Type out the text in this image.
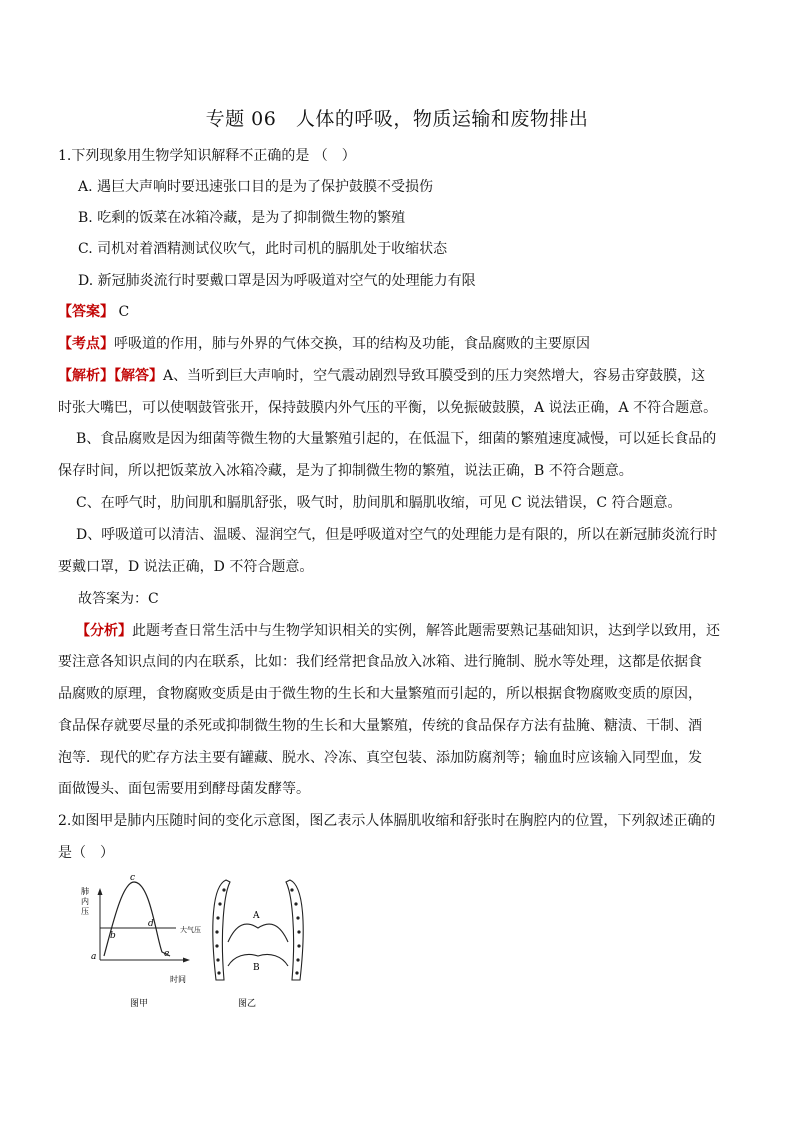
专题 06　人体的呼吸，物质运输和废物排出
1.下列现象用生物学知识解释不正确的是 （　）
A. 遇巨大声响时要迅速张口目的是为了保护鼓膜不受损伤
B. 吃剩的饭菜在冰箱冷藏，是为了抑制微生物的繁殖
C. 司机对着酒精测试仪吹气，此时司机的膈肌处于收缩状态
D. 新冠肺炎流行时要戴口罩是因为呼吸道对空气的处理能力有限
【答案】 C
【考点】呼吸道的作用，肺与外界的气体交换，耳的结构及功能，食品腐败的主要原因
【解析】【解答】A、当听到巨大声响时，空气震动剧烈导致耳膜受到的压力突然增大，容易击穿鼓膜，这
时张大嘴巴，可以使咽鼓管张开，保持鼓膜内外气压的平衡，以免振破鼓膜，A 说法正确，A 不符合题意。
B、食品腐败是因为细菌等微生物的大量繁殖引起的，在低温下，细菌的繁殖速度减慢，可以延长食品的
保存时间，所以把饭菜放入冰箱冷藏，是为了抑制微生物的繁殖，说法正确，B 不符合题意。
C、在呼气时，肋间肌和膈肌舒张，吸气时，肋间肌和膈肌收缩，可见 C 说法错误，C 符合题意。
D、呼吸道可以清洁、温暖、湿润空气，但是呼吸道对空气的处理能力是有限的，所以在新冠肺炎流行时
要戴口罩，D 说法正确，D 不符合题意。
故答案为：C
【分析】此题考查日常生活中与生物学知识相关的实例，解答此题需要熟记基础知识，达到学以致用，还
要注意各知识点间的内在联系，比如：我们经常把食品放入冰箱、进行腌制、脱水等处理，这都是依据食
品腐败的原理，食物腐败变质是由于微生物的生长和大量繁殖而引起的，所以根据食物腐败变质的原因，
食品保存就要尽量的杀死或抑制微生物的生长和大量繁殖，传统的食品保存方法有盐腌、糖渍、干制、酒
泡等．现代的贮存方法主要有罐藏、脱水、冷冻、真空包装、添加防腐剂等；输血时应该输入同型血，发
面做馒头、面包需要用到酵母菌发酵等。
2.如图甲是肺内压随时间的变化示意图，图乙表示人体膈肌收缩和舒张时在胸腔内的位置，下列叙述正确的
是（　）
肺内压
时间
大气压
a
b
c
d
e
图甲
A
B
图乙
